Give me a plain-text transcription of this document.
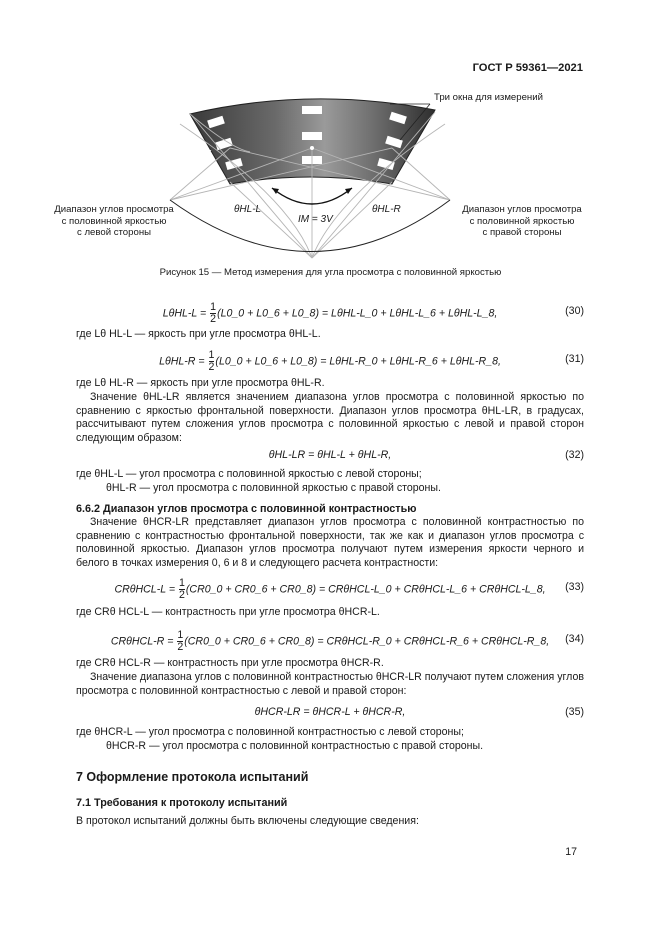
ГОСТ Р 59361—2021
Три окна для измерений
Диапазон углов просмотра
с половинной яркостью
с левой стороны
Диапазон углов просмотра
с половинной яркостью
с правой стороны
θHL-L	θHL-R
IM = 3V
Рисунок 15 — Метод измерения для угла просмотра с половинной яркостью
$L\theta HL-L = \frac{1}{2}$ (L0_0 + L0_6 + L0_8) = LθHL-L_0 + LθHL-L_6 + LθHL-L_8,	(30)
где Lθ HL-L — яркость при угле просмотра θHL-L.
$L\theta HL-R = \frac{1}{2}$ (L0_0 + L0_6 + L0_8) = LθHL-R_0 + LθHL-R_6 + LθHL-R_8,	(31)
где Lθ HL-R — яркость при угле просмотра θHL-R.
Значение θHL-LR является значением диапазона углов просмотра с половинной яркостью по сравнению с яркостью фронтальной поверхности. Диапазон углов просмотра θHL-LR, в градусах, рассчитывают путем сложения углов просмотра с половинной яркостью с левой и правой сторон следующим образом:
θHL-LR = θHL-L + θHL-R,	(32)
где θHL-L — угол просмотра с половинной яркостью с левой стороны;
θHL-R — угол просмотра с половинной яркостью с правой стороны.
6.6.2 Диапазон углов просмотра с половинной контрастностью
Значение θHCR-LR представляет диапазон углов просмотра с половинной контрастностью по сравнению с контрастностью фронтальной поверхности, так же как и диапазон углов просмотра с половинной яркостью. Диапазон углов просмотра получают путем измерения яркости черного и белого в точках измерения 0, 6 и 8 и следующего расчета контрастности:
$CR\theta HCL-L = \frac{1}{2}$ (CR0_0 + CR0_6 + CR0_8) = CRθHCL-L_0 + CRθHCL-L_6 + CRθHCL-L_8,	(33)
где CRθ HCL-L — контрастность при угле просмотра θHCR-L.
$CR\theta HCL-R = \frac{1}{2}$ (CR0_0 + CR0_6 + CR0_8) = CRθHCL-R_0 + CRθHCL-R_6 + CRθHCL-R_8,	(34)
где CRθ HCL-R — контрастность при угле просмотра θHCR-R.
Значение диапазона углов с половинной контрастностью θHCR-LR получают путем сложения углов просмотра с половинной контрастностью с левой и правой сторон:
θHCR-LR = θHCR-L + θHCR-R,	(35)
где θHCR-L — угол просмотра с половинной контрастностью с левой стороны;
θHCR-R — угол просмотра с половинной контрастностью с правой стороны.
7 Оформление протокола испытаний
7.1 Требования к протоколу испытаний
В протокол испытаний должны быть включены следующие сведения:
17
